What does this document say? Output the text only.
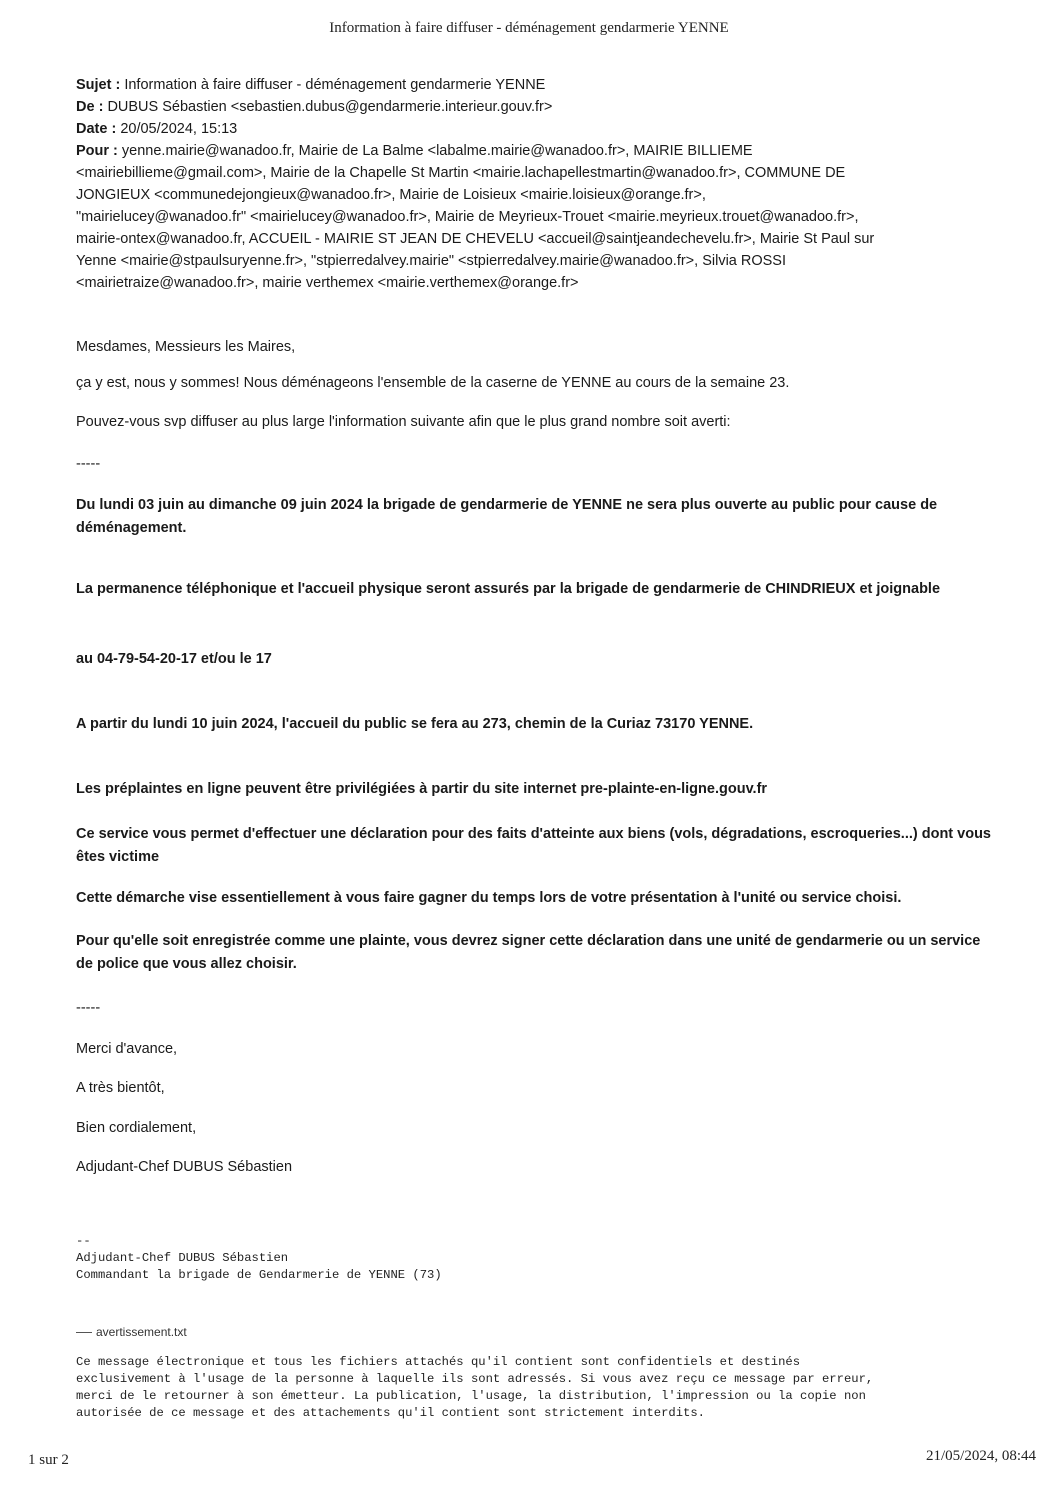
Information à faire diffuser - déménagement gendarmerie YENNE
Sujet : Information à faire diffuser - déménagement gendarmerie YENNE
De : DUBUS Sébastien <sebastien.dubus@gendarmerie.interieur.gouv.fr>
Date : 20/05/2024, 15:13
Pour : yenne.mairie@wanadoo.fr, Mairie de La Balme <labalme.mairie@wanadoo.fr>, MAIRIE BILLIEME
<mairiebillieme@gmail.com>, Mairie de la Chapelle St Martin <mairie.lachapellestmartin@wanadoo.fr>, COMMUNE DE
JONGIEUX <communedejongieux@wanadoo.fr>, Mairie de Loisieux <mairie.loisieux@orange.fr>,
"mairielucey@wanadoo.fr" <mairielucey@wanadoo.fr>, Mairie de Meyrieux-Trouet <mairie.meyrieux.trouet@wanadoo.fr>,
mairie-ontex@wanadoo.fr, ACCUEIL - MAIRIE ST JEAN DE CHEVELU <accueil@saintjeandechevelu.fr>, Mairie St Paul sur
Yenne <mairie@stpaulsuryenne.fr>, "stpierredalvey.mairie" <stpierredalvey.mairie@wanadoo.fr>, Silvia ROSSI
<mairietraize@wanadoo.fr>, mairie verthemex <mairie.verthemex@orange.fr>
Mesdames, Messieurs les Maires,
ça y est, nous y sommes! Nous déménageons l'ensemble de la caserne de YENNE au cours de la semaine 23.
Pouvez-vous svp diffuser au plus large l'information suivante afin que le plus grand nombre soit averti:
-----
Du lundi 03 juin au dimanche 09 juin 2024 la brigade de gendarmerie de YENNE ne sera plus ouverte au public pour cause de déménagement.
La permanence téléphonique et l'accueil physique seront assurés par la brigade de gendarmerie de CHINDRIEUX et joignable
au 04-79-54-20-17 et/ou le 17
A partir du lundi 10 juin 2024, l'accueil du public se fera au 273, chemin de la Curiaz 73170 YENNE.
Les préplaintes en ligne peuvent être privilégiées à partir du site internet pre-plainte-en-ligne.gouv.fr
Ce service vous permet d'effectuer une déclaration pour des faits d'atteinte aux biens (vols, dégradations, escroqueries...) dont vous êtes victime
Cette démarche vise essentiellement à vous faire gagner du temps lors de votre présentation à l'unité ou service choisi.
Pour qu'elle soit enregistrée comme une plainte, vous devrez signer cette déclaration dans une unité de gendarmerie ou un service de police que vous allez choisir.
-----
Merci d'avance,
A très bientôt,
Bien cordialement,
Adjudant-Chef DUBUS Sébastien
--
Adjudant-Chef DUBUS Sébastien
Commandant la brigade de Gendarmerie de YENNE (73)
avertissement.txt
Ce message électronique et tous les fichiers attachés qu'il contient sont confidentiels et destinés
exclusivement à l'usage de la personne à laquelle ils sont adressés. Si vous avez reçu ce message par erreur,
merci de le retourner à son émetteur. La publication, l'usage, la distribution, l'impression ou la copie non
autorisée de ce message et des attachements qu'il contient sont strictement interdits.
1 sur 2	21/05/2024, 08:44
